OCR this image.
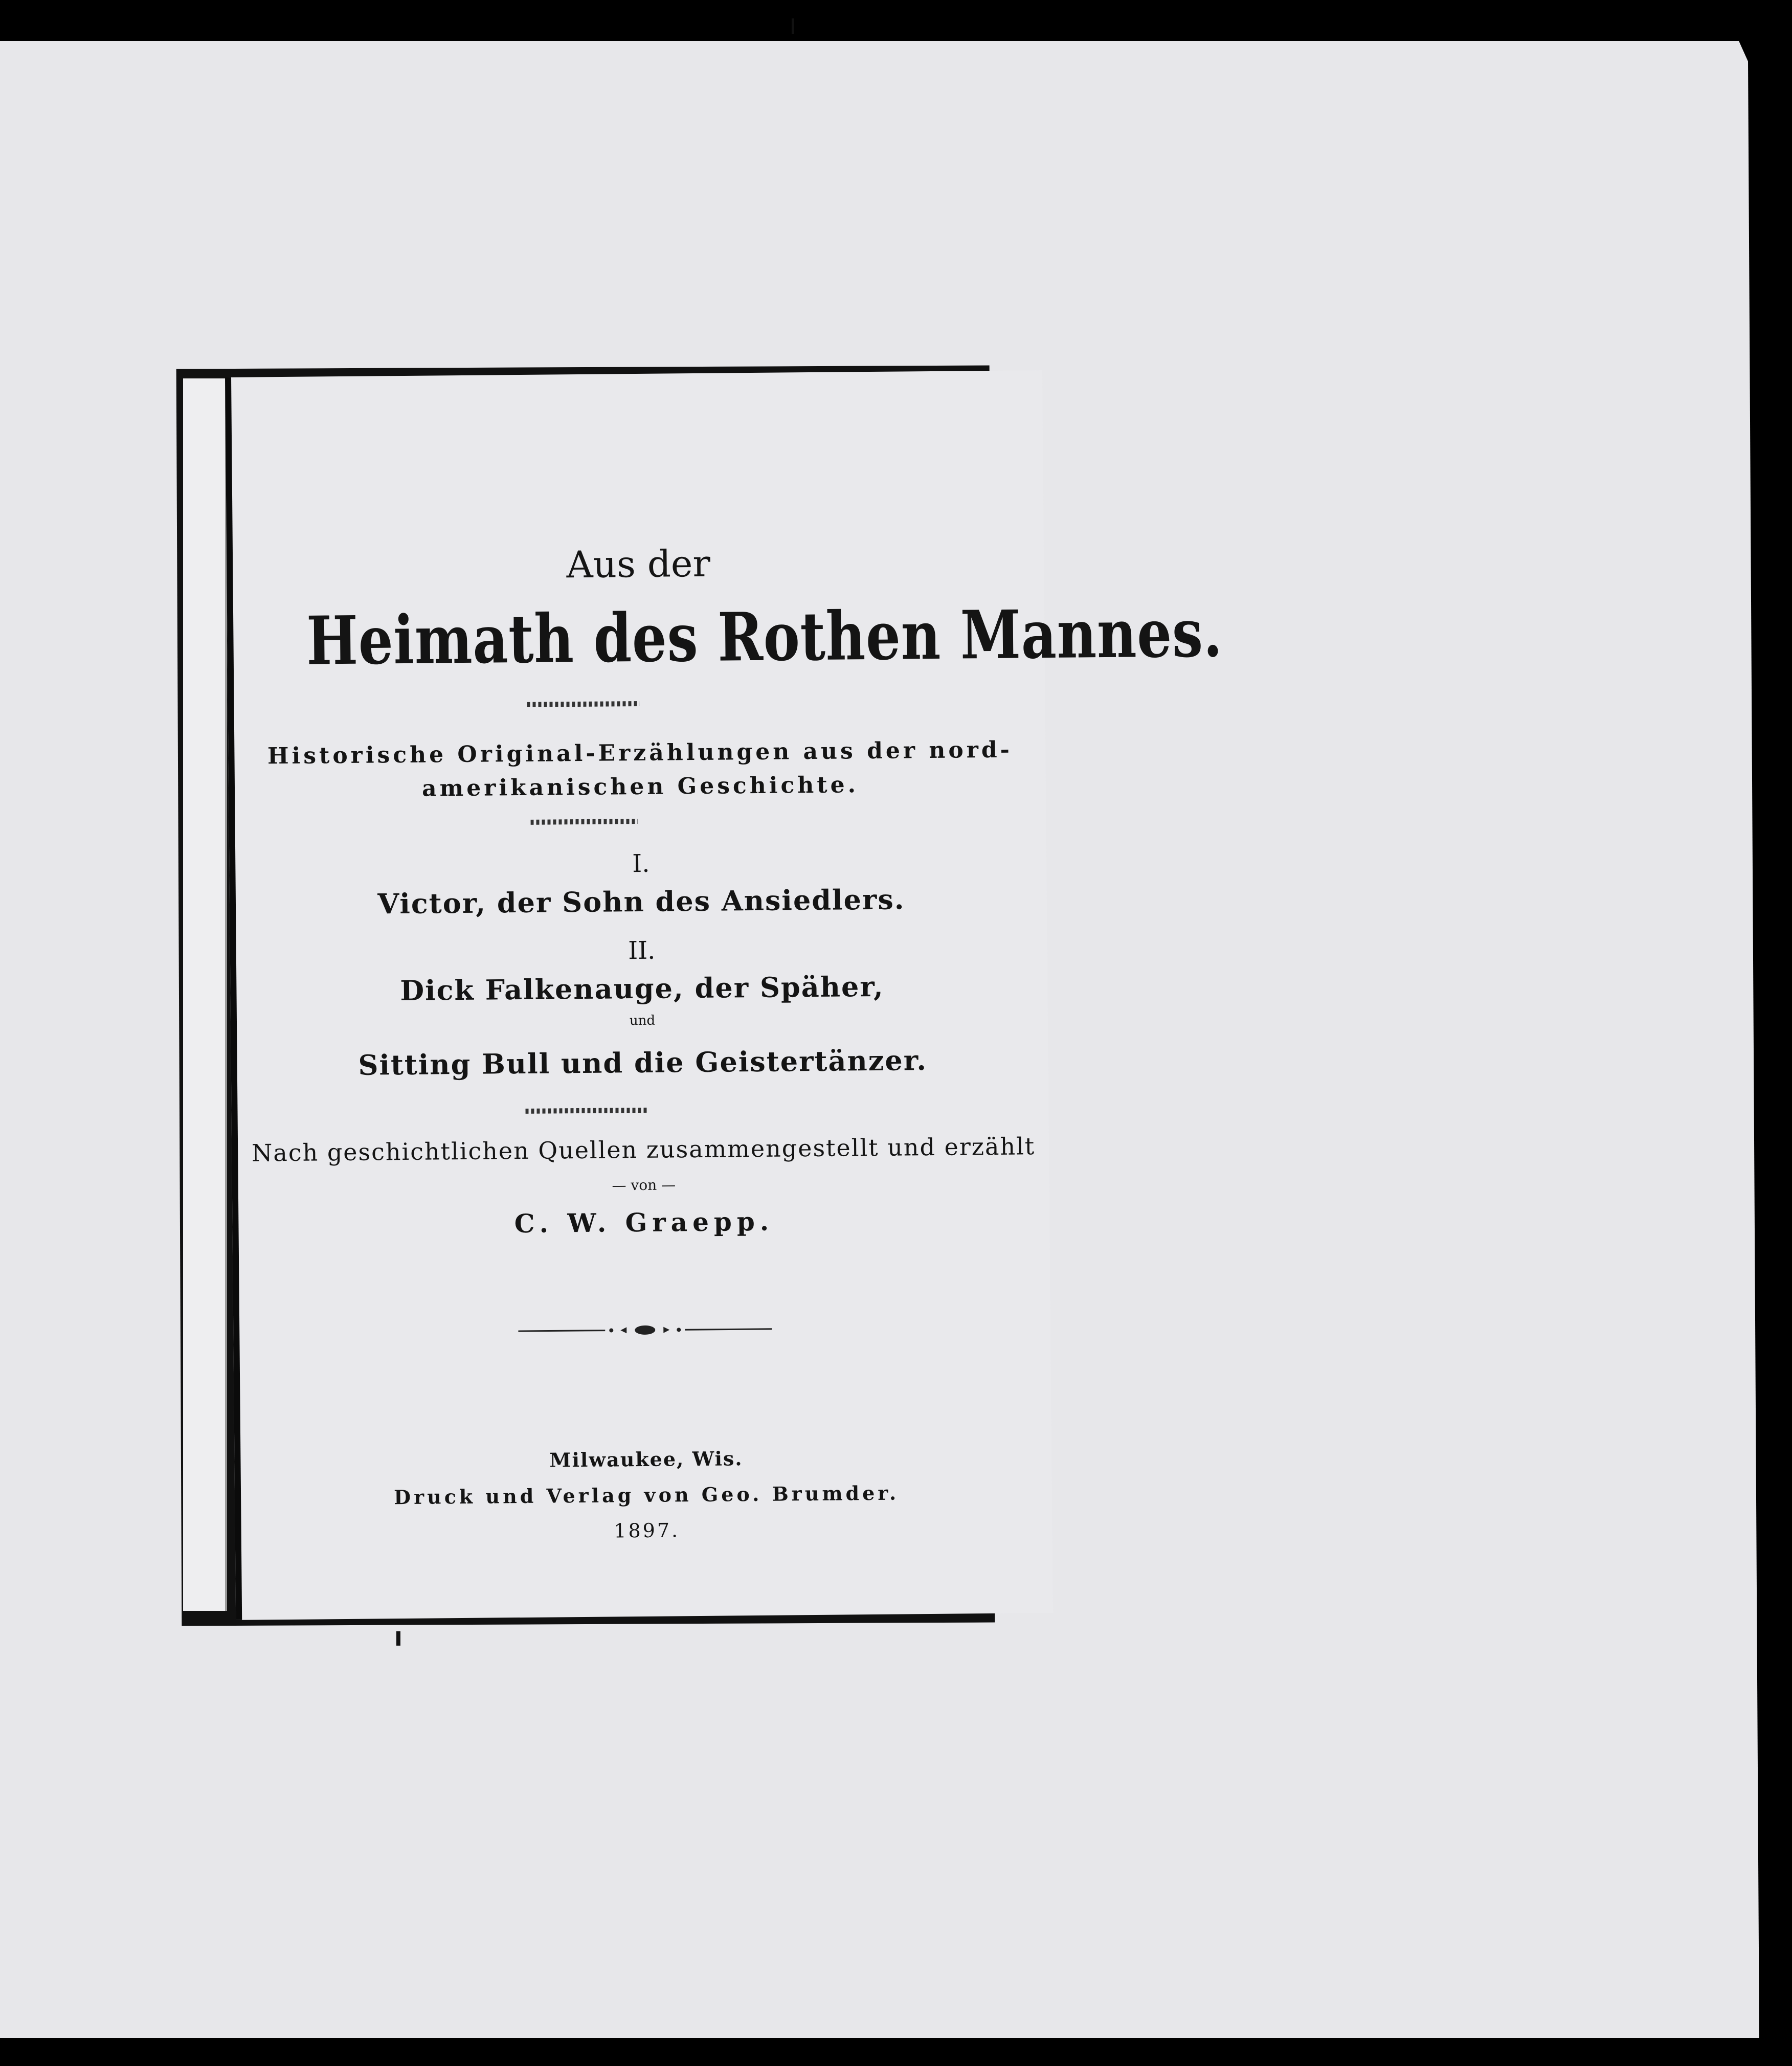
Aus der
Heimath des Rothen Mannes.
Historische Original-Erzählungen aus der nord-
amerikanischen Geschichte.
I.
Victor, der Sohn des Ansiedlers.
II.
Dick Falkenauge, der Späher,
und
Sitting Bull und die Geistertänzer.
Nach geschichtlichen Quellen zusammengestellt und erzählt
— von —
C. W. Graepp.
Milwaukee, Wis.
Druck und Verlag von Geo. Brumder.
1897.
